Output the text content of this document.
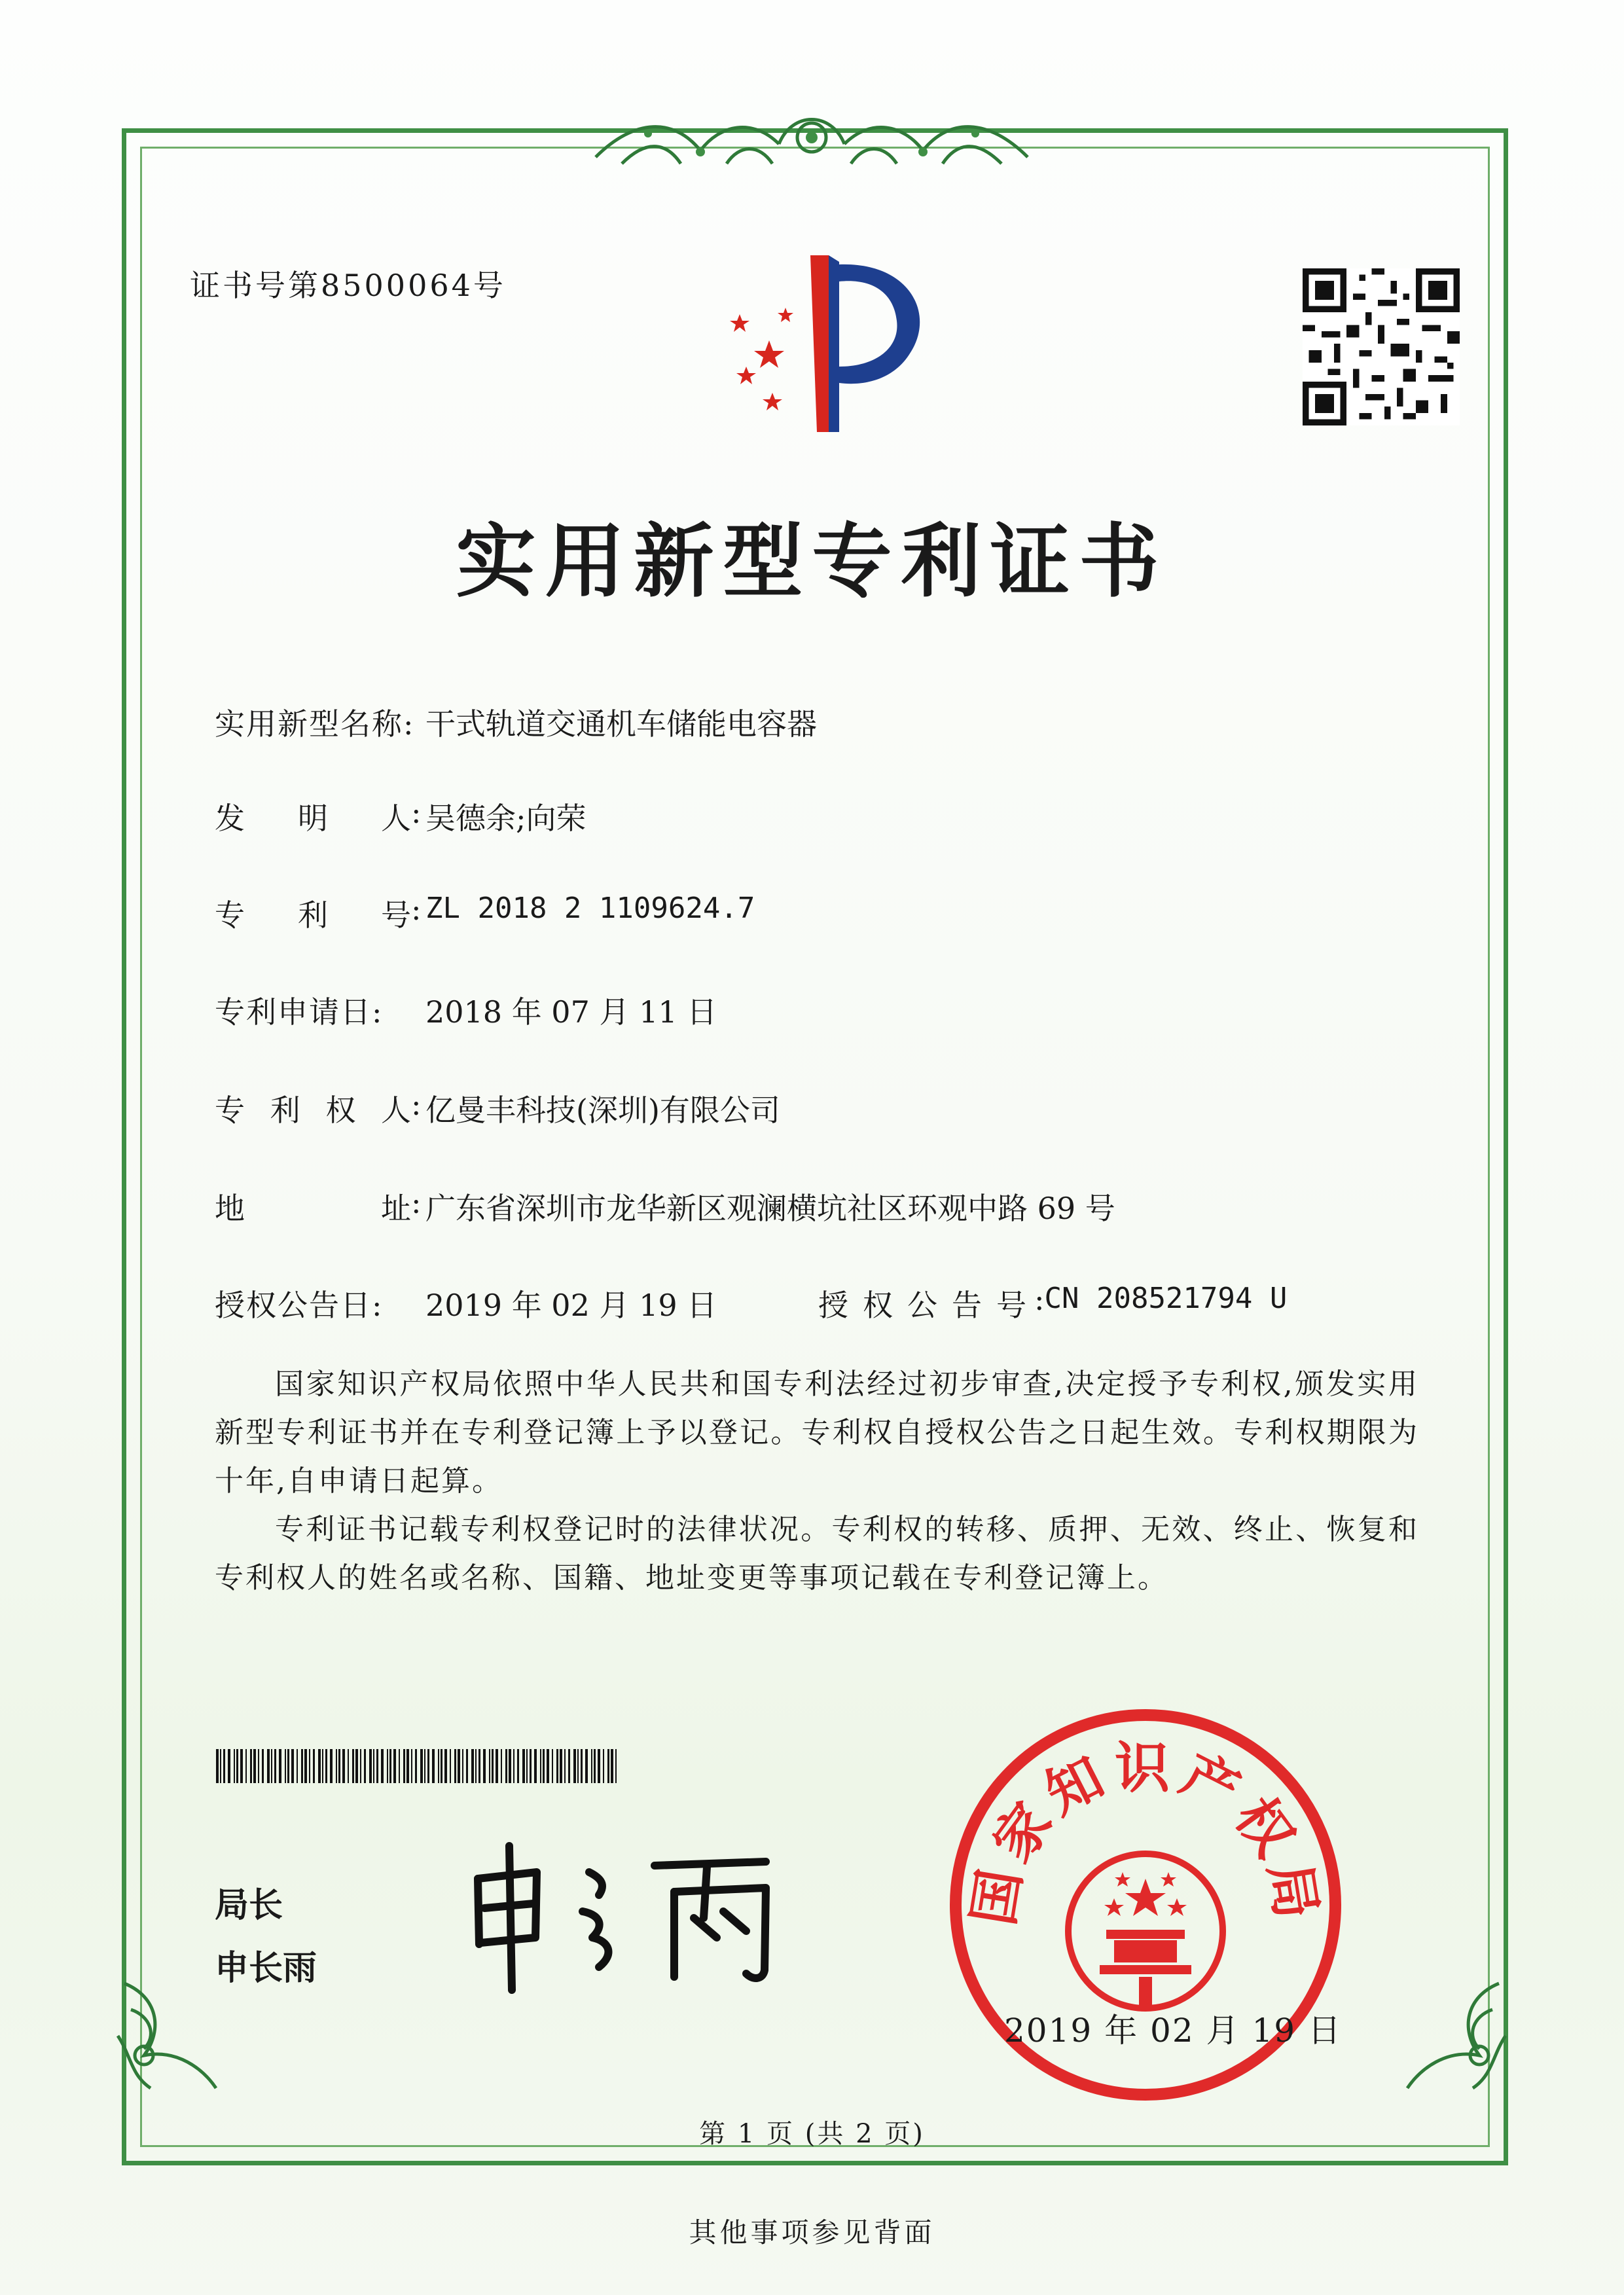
证书号第8500064号
实用新型专利证书
实用新型名称: 干式轨道交通机车储能电容器
发 明 人 : 吴德余;向荣
专 利 号 : ZL 2018 2 1109624.7
专利申请日:	2018 年 07 月 11 日
专 利 权 人 : 亿曼丰科技(深圳)有限公司
地	址 : 广东省深圳市龙华新区观澜横坑社区环观中路 69 号
授权公告日:	2019 年 02 月 19 日	授 权 公 告 号 : CN 208521794 U
国家知识产权局依照中华人民共和国专利法经过初步审查,决定授予专利权,颁发实用新型专利证书并在专利登记簿上予以登记。专利权自授权公告之日起生效。专利权期限为十年,自申请日起算。
专利证书记载专利权登记时的法律状况。专利权的转移、质押、无效、终止、恢复和专利权人的姓名或名称、国籍、地址变更等事项记载在专利登记簿上。
局长
申长雨
国家知识产权局
2019 年 02 月 19 日
第 1 页 (共 2 页)
其他事项参见背面
